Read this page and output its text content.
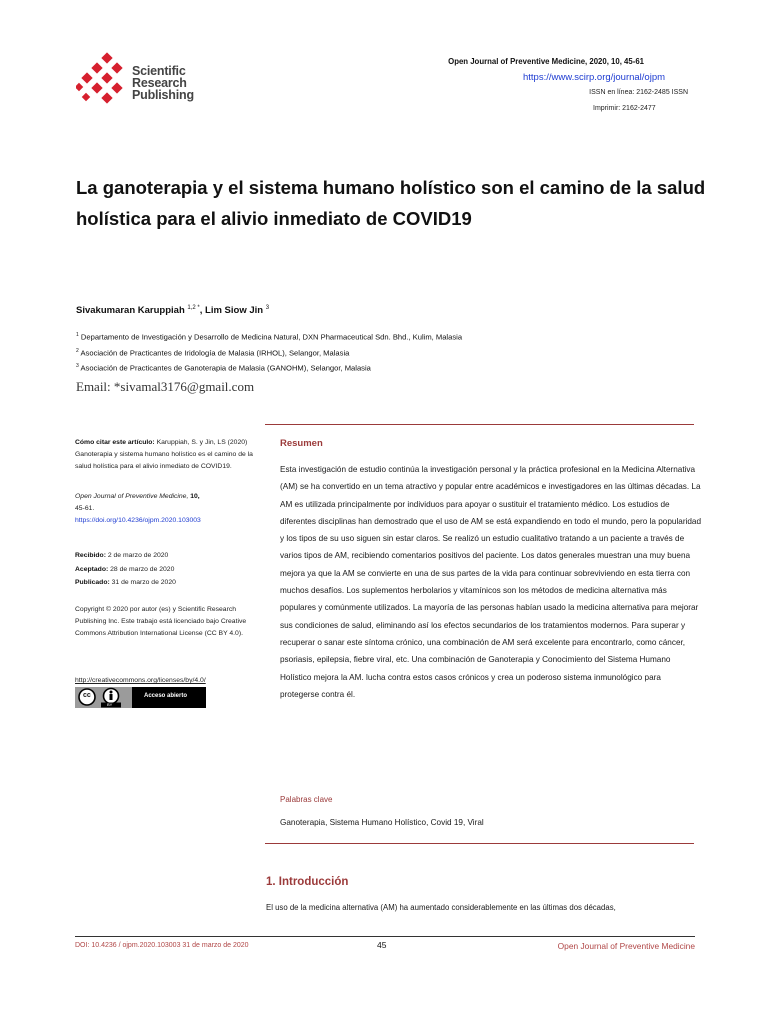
Scientific
Research
Publishing
Open Journal of Preventive Medicine, 2020, 10, 45-61
https://www.scirp.org/journal/ojpm
ISSN en línea: 2162-2485 ISSN
Imprimir: 2162-2477
La ganoterapia y el sistema humano holístico son el camino de la salud holística para el alivio inmediato de COVID19
Sivakumaran Karuppiah $^{1,2 *}$, Lim Siow Jin $^3$
$^1$ Departamento de Investigación y Desarrollo de Medicina Natural, DXN Pharmaceutical Sdn. Bhd., Kulim, Malasia
$^2$ Asociación de Practicantes de Iridología de Malasia (IRHOL), Selangor, Malasia
$^3$ Asociación de Practicantes de Ganoterapia de Malasia (GANOHM), Selangor, Malasia
Email: *sivamal3176@gmail.com
Cómo citar este artículo: Karuppiah, S. y Jin, LS (2020)
Ganoterapia y sistema humano holístico es el camino de la salud holística para el alivio inmediato de COVID19.
Open Journal of Preventive Medicine, 10,
45-61.
https://doi.org/10.4236/ojpm.2020.103003
Recibido: 2 de marzo de 2020
Aceptado: 28 de marzo de 2020
Publicado: 31 de marzo de 2020
Copyright © 2020 por autor (es) y Scientific Research Publishing Inc. Este trabajo está licenciado bajo Creative Commons Attribution International License (CC BY 4.0).
http://creativecommons.org/licenses/by/4.0/
cc
BY
Acceso abierto
Resumen
Esta investigación de estudio continúa la investigación personal y la práctica profesional en la Medicina Alternativa (AM) se ha convertido en un tema atractivo y popular entre académicos e investigadores en las últimas décadas. La AM es utilizada principalmente por individuos para apoyar o sustituir el tratamiento médico. Los estudios de diferentes disciplinas han demostrado que el uso de AM se está expandiendo en todo el mundo, pero la popularidad y los tipos de su uso siguen sin estar claros. Se realizó un estudio cualitativo tratando a un paciente a través de varios tipos de AM, recibiendo comentarios positivos del paciente. Los datos generales muestran una muy buena mejora ya que la AM se convierte en una de sus partes de la vida para continuar sobreviviendo en esta tierra con muchos desafíos. Los suplementos herbolarios y vitamínicos son los métodos de medicina alternativa más populares y comúnmente utilizados. La mayoría de las personas habían usado la medicina alternativa para mejorar sus condiciones de salud, eliminando así los efectos secundarios de los tratamientos modernos. Para superar y recuperar o sanar este síntoma crónico, una combinación de AM será excelente para encontrarlo, como cáncer, psoriasis, epilepsia, fiebre viral, etc. Una combinación de Ganoterapia y Conocimiento del Sistema Humano Holístico mejora la AM. lucha contra estos casos crónicos y crea un poderoso sistema inmunológico para protegerse contra él.
Palabras clave
Ganoterapia, Sistema Humano Holístico, Covid 19, Viral
1. Introducción
El uso de la medicina alternativa (AM) ha aumentado considerablemente en las últimas dos décadas,
DOI: 10.4236 / ojpm.2020.103003 31 de marzo de 2020	45	Open Journal of Preventive Medicine
